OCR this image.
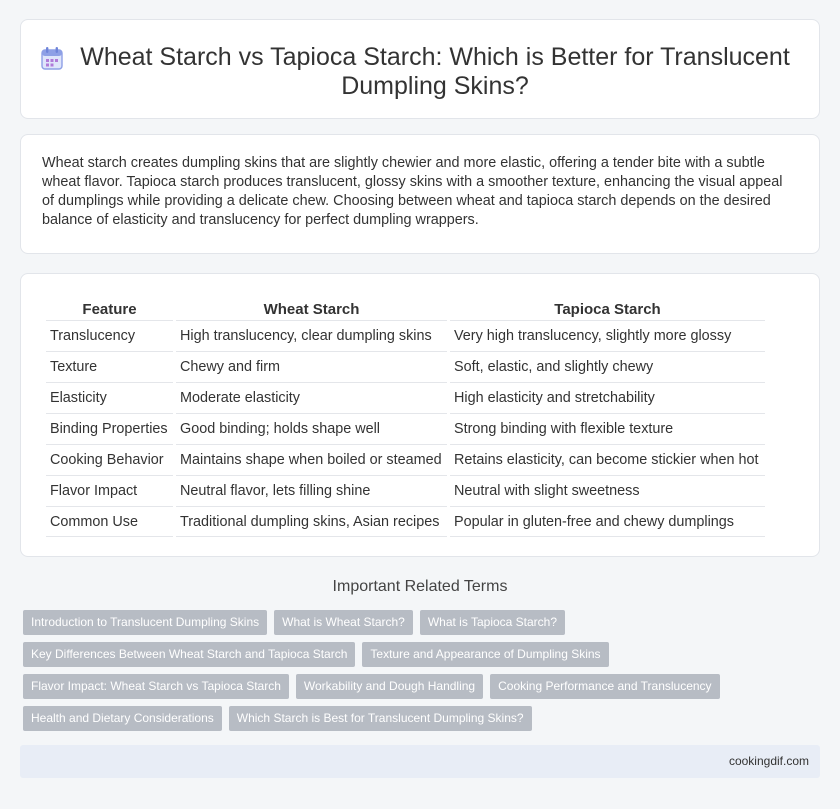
Wheat Starch vs Tapioca Starch: Which is Better for Translucent Dumpling Skins?

Wheat starch creates dumpling skins that are slightly chewier and more elastic, offering a tender bite with a subtle wheat flavor. Tapioca starch produces translucent, glossy skins with a smoother texture, enhancing the visual appeal of dumplings while providing a delicate chew. Choosing between wheat and tapioca starch depends on the desired balance of elasticity and translucency for perfect dumpling wrappers.

Feature	Wheat Starch	Tapioca Starch
Translucency	High translucency, clear dumpling skins	Very high translucency, slightly more glossy
Texture	Chewy and firm	Soft, elastic, and slightly chewy
Elasticity	Moderate elasticity	High elasticity and stretchability
Binding Properties	Good binding; holds shape well	Strong binding with flexible texture
Cooking Behavior	Maintains shape when boiled or steamed	Retains elasticity, can become stickier when hot
Flavor Impact	Neutral flavor, lets filling shine	Neutral with slight sweetness
Common Use	Traditional dumpling skins, Asian recipes	Popular in gluten-free and chewy dumplings
Important Related Terms
Introduction to Translucent Dumpling Skins	What is Wheat Starch?	What is Tapioca Starch?
Key Differences Between Wheat Starch and Tapioca Starch	Texture and Appearance of Dumpling Skins
Flavor Impact: Wheat Starch vs Tapioca Starch	Workability and Dough Handling	Cooking Performance and Translucency
Health and Dietary Considerations	Which Starch is Best for Translucent Dumpling Skins?
cookingdif.com
